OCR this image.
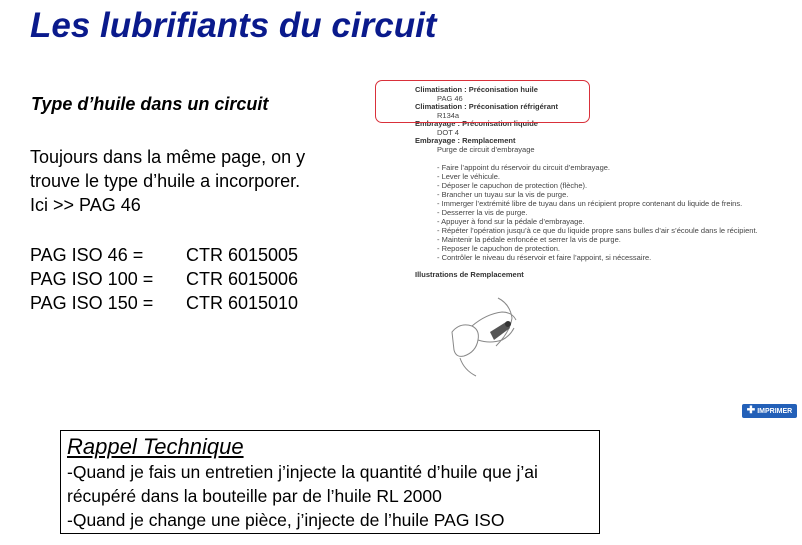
Les lubrifiants du circuit
Type d’huile dans un circuit
Toujours dans la même page, on y
trouve le type d’huile a incorporer.
Ici >> PAG 46
PAG ISO 46 =	CTR 6015005
PAG ISO 100 =	CTR 6015006
PAG ISO 150 =	CTR 6015010
Climatisation : Préconisation huile
PAG 46
Climatisation : Préconisation réfrigérant
R134a
Embrayage : Préconisation liquide
DOT 4
Embrayage : Remplacement
Purge de circuit d’embrayage
- Faire l’appoint du réservoir du circuit d’embrayage.
- Lever le véhicule.
- Déposer le capuchon de protection (flèche).
- Brancher un tuyau sur la vis de purge.
- Immerger l’extrémité libre de tuyau dans un récipient propre contenant du liquide de freins.
- Desserrer la vis de purge.
- Appuyer à fond sur la pédale d’embrayage.
- Répéter l’opération jusqu’à ce que du liquide propre sans bulles d’air s’écoule dans le récipient.
- Maintenir la pédale enfoncée et serrer la vis de purge.
- Reposer le capuchon de protection.
- Contrôler le niveau du réservoir et faire l’appoint, si nécessaire.
Illustrations de Remplacement
✚ IMPRIMER
Rappel Technique
-Quand je fais un entretien j’injecte la quantité d’huile que j’ai
récupéré dans la bouteille par de l’huile RL 2000
-Quand je change une pièce, j’injecte de l’huile PAG ISO
